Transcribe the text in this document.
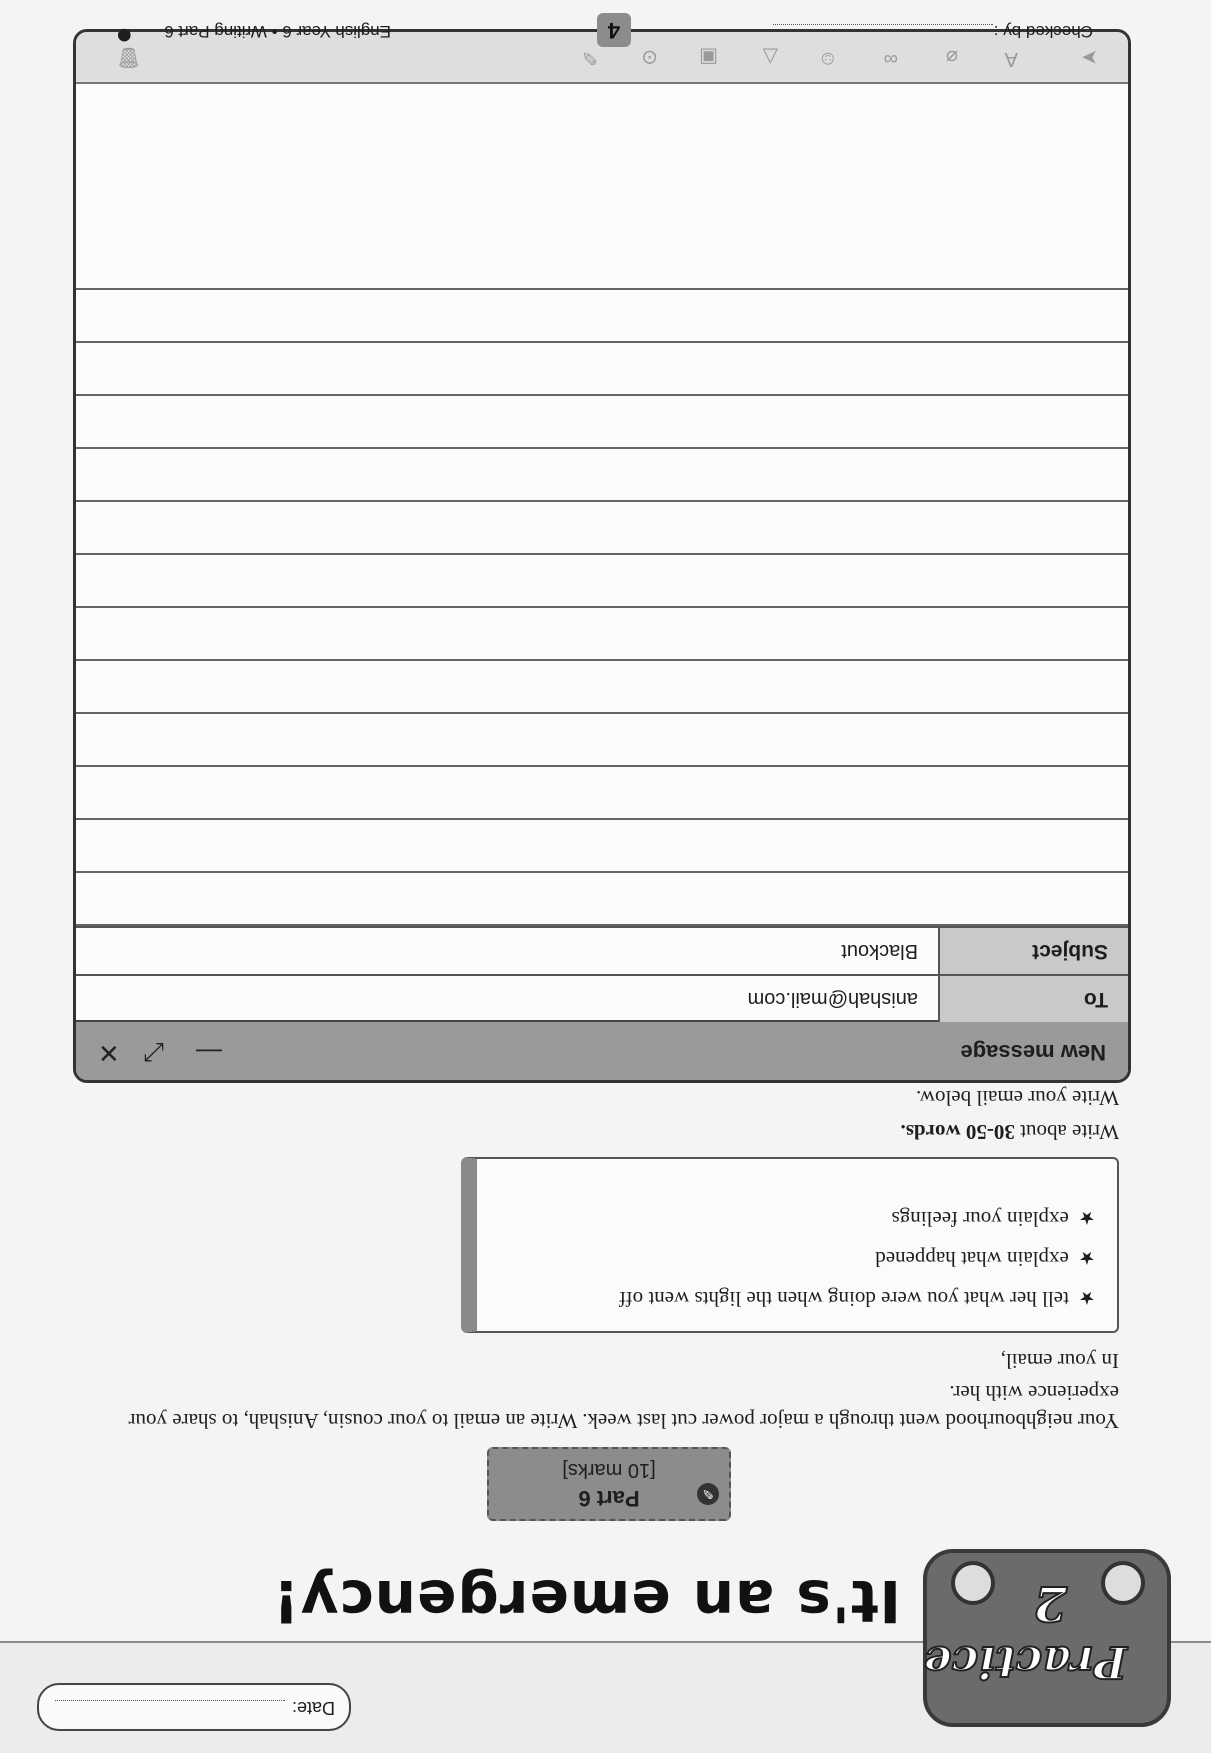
Date:
Practice
2
It's an emergency!
✎
Part 6
[10 marks]

Your neighbourhood went through a major power cut last week. Write an email to your cousin, Anishah, to share your experience with her.

In your email,

★tell her what you were doing when the lights went off
★explain what happened
★explain your feelings
Write about 30-50 words.
Write your email below.
New message
—
⤢
✕
To
anishah@mail.com
Subject
Blackout
➤
A
⌀
∞
☺
△
▣
⊙
✎
🗑
Checked by :
4
English Year 6 • Writing Part 6
⬤
